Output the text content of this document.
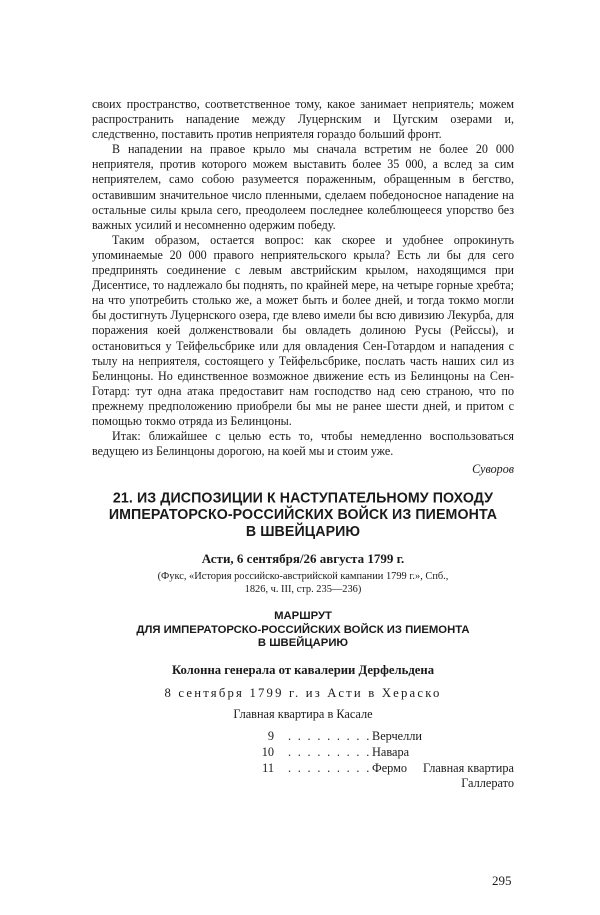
своих пространство, соответственное тому, какое занимает неприятель; можем распространить нападение между Луцернским и Цугским озерами и, следственно, поставить против неприятеля гораздо больший фронт.

В нападении на правое крыло мы сначала встретим не более 20 000 неприятеля, против которого можем выставить более 35 000, а вслед за сим неприятелем, само собою разумеется пораженным, обращенным в бегство, оставившим значительное число пленными, сделаем победоносное нападение на остальные силы крыла сего, преодолеем последнее колеблющееся упорство без важных усилий и несомненно одержим победу.

Таким образом, остается вопрос: как скорее и удобнее опрокинуть упоминаемые 20 000 правого неприятельского крыла? Есть ли бы для сего предпринять соединение с левым австрийским крылом, находящимся при Дисентисе, то надлежало бы поднять, по крайней мере, на четыре горные хребта; на что употребить столько же, а может быть и более дней, и тогда токмо могли бы достигнуть Луцернского озера, где влево имели бы всю дивизию Лекурба, для поражения коей долженствовали бы овладеть долиною Русы (Рейссы), и остановиться у Тейфельсбрике или для овладения Сен-Готардом и нападения с тылу на неприятеля, состоящего у Тейфельсбрике, послать часть наших сил из Белинцоны. Но единственное возможное движение есть из Белинцоны на Сен-Готард: тут одна атака предоставит нам господство над сею страною, что по прежнему предположению приобрели бы мы не ранее шести дней, и притом с помощью токмо отряда из Белинцоны.

Итак: ближайшее с целью есть то, чтобы немедленно воспользоваться ведущею из Белинцоны дорогою, на коей мы и стоим уже.

Суворов
21. ИЗ ДИСПОЗИЦИИ К НАСТУПАТЕЛЬНОМУ ПОХОДУ
ИМПЕРАТОРСКО-РОССИЙСКИХ ВОЙСК ИЗ ПИЕМОНТА
В ШВЕЙЦАРИЮ
Асти, 6 сентября/26 августа 1799 г.
(Фукс, «История российско-австрийской кампании 1799 г.», Спб.,
1826, ч. III, стр. 235—236)
МАРШРУТ
ДЛЯ ИМПЕРАТОРСКО-РОССИЙСКИХ ВОЙСК ИЗ ПИЕМОНТА
В ШВЕЙЦАРИЮ
Колонна генерала от кавалерии Дерфельдена
8 сентября 1799 г. из Асти в Хераско
Главная квартира в Касале
9 .........
Верчелли
10 .........
Навара
11 .........
Фермо	Главная квартира Галлерато
295
